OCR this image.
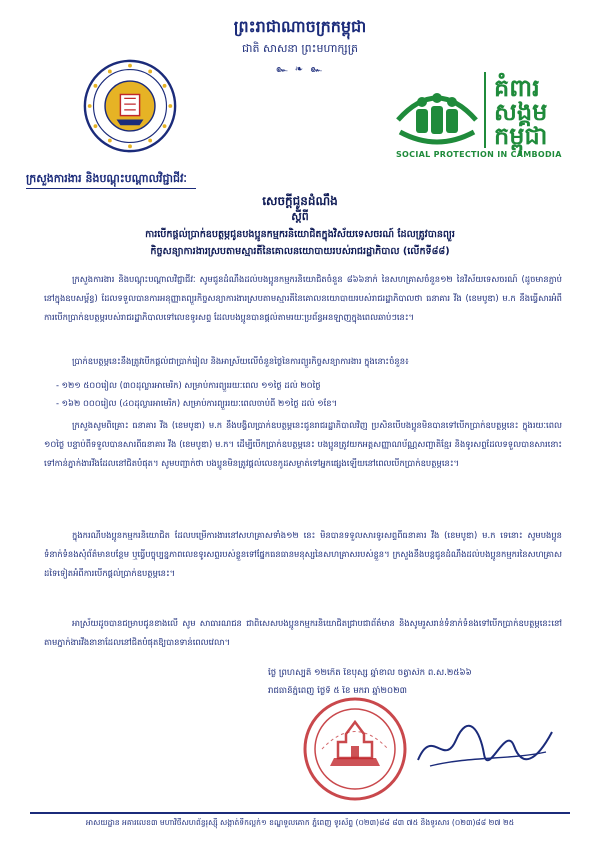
ព្រះរាជាណាចក្រកម្ពុជា
ជាតិ សាសនា ព្រះមហាក្សត្រ
๛ ❧ ๛
គំពារ
សង្គម
កម្ពុជា
SOCIAL PROTECTION IN CAMBODIA
ក្រសួងការងារ និងបណ្តុះបណ្តាលវិជ្ជាជីវៈ
សេចក្តីជូនដំណឹង
ស្តីពី
ការបើកផ្តល់ប្រាក់ឧបត្ថម្ភជូនបងប្អូនកម្មករនិយោជិតក្នុងវិស័យទេសចរណ៍ ដែលត្រូវបានព្យួរ
កិច្ចសន្យាការងារស្របតាមស្មារតីនៃគោលនយោបាយរបស់រាជរដ្ឋាភិបាល (លើកទី៨៨)
ក្រសួងការងារ និងបណ្តុះបណ្តាលវិជ្ជាជីវៈ សូមជូនដំណឹងដល់បងប្អូនកម្មករនិយោជិតចំនួន ៨៦៦នាក់ នៃសហគ្រាសចំនួន១២ នៃវិស័យទេសចរណ៍ (ដូចមានភ្ជាប់នៅក្នុងឧបសម្ព័ន្ធ) ដែលទទួលបានការអនុញ្ញាតព្យួរកិច្ចសន្យាការងារស្របតាមស្មារតីនៃគោលនយោបាយរបស់រាជរដ្ឋាភិបាលថា ធនាគារ វីង (ខេមបូឌា) ម.ក នឹងធ្វើសារអំពីការបើកប្រាក់ឧបត្ថម្ភរបស់រាជរដ្ឋាភិបាលទៅលេខទូរសព្ទ ដែលបងប្អូនបានផ្តល់តាមរយៈប្រព័ន្ធអនឡាញក្នុងពេលឆាប់ៗនេះ។
ប្រាក់ឧបត្ថម្ភនេះនឹងត្រូវបើកផ្តល់ជាប្រាក់រៀល និងអាស្រ័យលើចំនួនថ្ងៃនៃការព្យួរកិច្ចសន្យាការងារ ក្នុងនោះចំនួន៖
- ១២១ ៥០០រៀល (៣០ដុល្លារអាមេរិក) សម្រាប់ការព្យួររយៈពេល ១១ថ្ងៃ ដល់ ២០ថ្ងៃ
- ១៦២ ០០០រៀល (៤០ដុល្លារអាមេរិក) សម្រាប់ការព្យួររយៈពេលចាប់ពី ២១ថ្ងៃ ដល់ ១ខែ។
ក្រសួងសូមពិគ្រោះ ធនាគារ វីង (ខេមបូឌា) ម.ក នឹងបង្វិលប្រាក់ឧបត្ថម្ភនេះជូនរាជរដ្ឋាភិបាលវិញ ប្រសិនបើបងប្អូនមិនបានទៅបើកប្រាក់ឧបត្ថម្ភនេះ ក្នុងរយៈពេល ១០ថ្ងៃ បន្ទាប់ពីទទួលបានសារពីធនាគារ វីង (ខេមបូឌា) ម.ក។ ដើម្បីបើកប្រាក់ឧបត្ថម្ភនេះ បងប្អូនត្រូវយកអត្តសញ្ញាណប័ណ្ណសញ្ជាតិខ្មែរ និងទូរសព្ទដែលទទួលបានសារនោះ ទៅកាន់ភ្នាក់ងារវីងដែលនៅជិតបំផុត។ សូមបញ្ជាក់ថា បងប្អូនមិនត្រូវផ្តល់លេខកូដសម្ងាត់ទៅអ្នកផ្សេងឡើយនៅពេលបើកប្រាក់ឧបត្ថម្ភនេះ។
ក្នុងករណីបងប្អូនកម្មករនិយោជិត ដែលបម្រើការងារនៅសហគ្រាសទាំង១២ នេះ មិនបានទទួលសារទូរសព្ទពីធនាគារ វីង (ខេមបូឌា) ម.ក ទេនោះ សូមបងប្អូនទំនាក់ទំនងសុំព័ត៌មានបន្ថែម ឬធ្វើបច្ចុប្បន្នភាពលេខទូរសព្ទរបស់ខ្លួនទៅផ្នែកធនធានមនុស្សនៃសហគ្រាសរបស់ខ្លួន។ ក្រសួងនឹងបន្តជូនដំណឹងដល់បងប្អូនកម្មករនៃសហគ្រាសដទៃទៀតអំពីការបើកផ្តល់ប្រាក់ឧបត្ថម្ភនេះ។
អាស្រ័យដូចបានជម្រាបជូនខាងលើ សូម សាធារណជន ជាពិសេសបងប្អូនកម្មករនិយោជិតជ្រាបជាព័ត៌មាន និងសូមរួសរាន់ទំនាក់ទំនងទៅបើកប្រាក់ឧបត្ថម្ភនេះនៅតាមភ្នាក់ងារវីងនានាដែលនៅជិតបំផុតឱ្យបានទាន់ពេលវេលា។
ថ្ងៃ ព្រហស្បតិ៍ ១២កើត ខែបុស្ស ឆ្នាំខាល ចត្វាស័ក ព.ស.២៥៦៦
រាជធានីភ្នំពេញ ថ្ងៃទី ៥ ខែ មករា ឆ្នាំ២០២៣
អាសយដ្ឋាន អគារលេខ៣ មហាវិថីសហព័ន្ធរុស្ស៊ី សង្កាត់ទឹកល្អក់១ ខណ្ឌទួលគោក ភ្នំពេញ ទូរស័ព្ទ (០២៣)៨៨ ៨៣ ៧៥ និងទូរសារ (០២៣)៨៨ ២៧ ២៥
